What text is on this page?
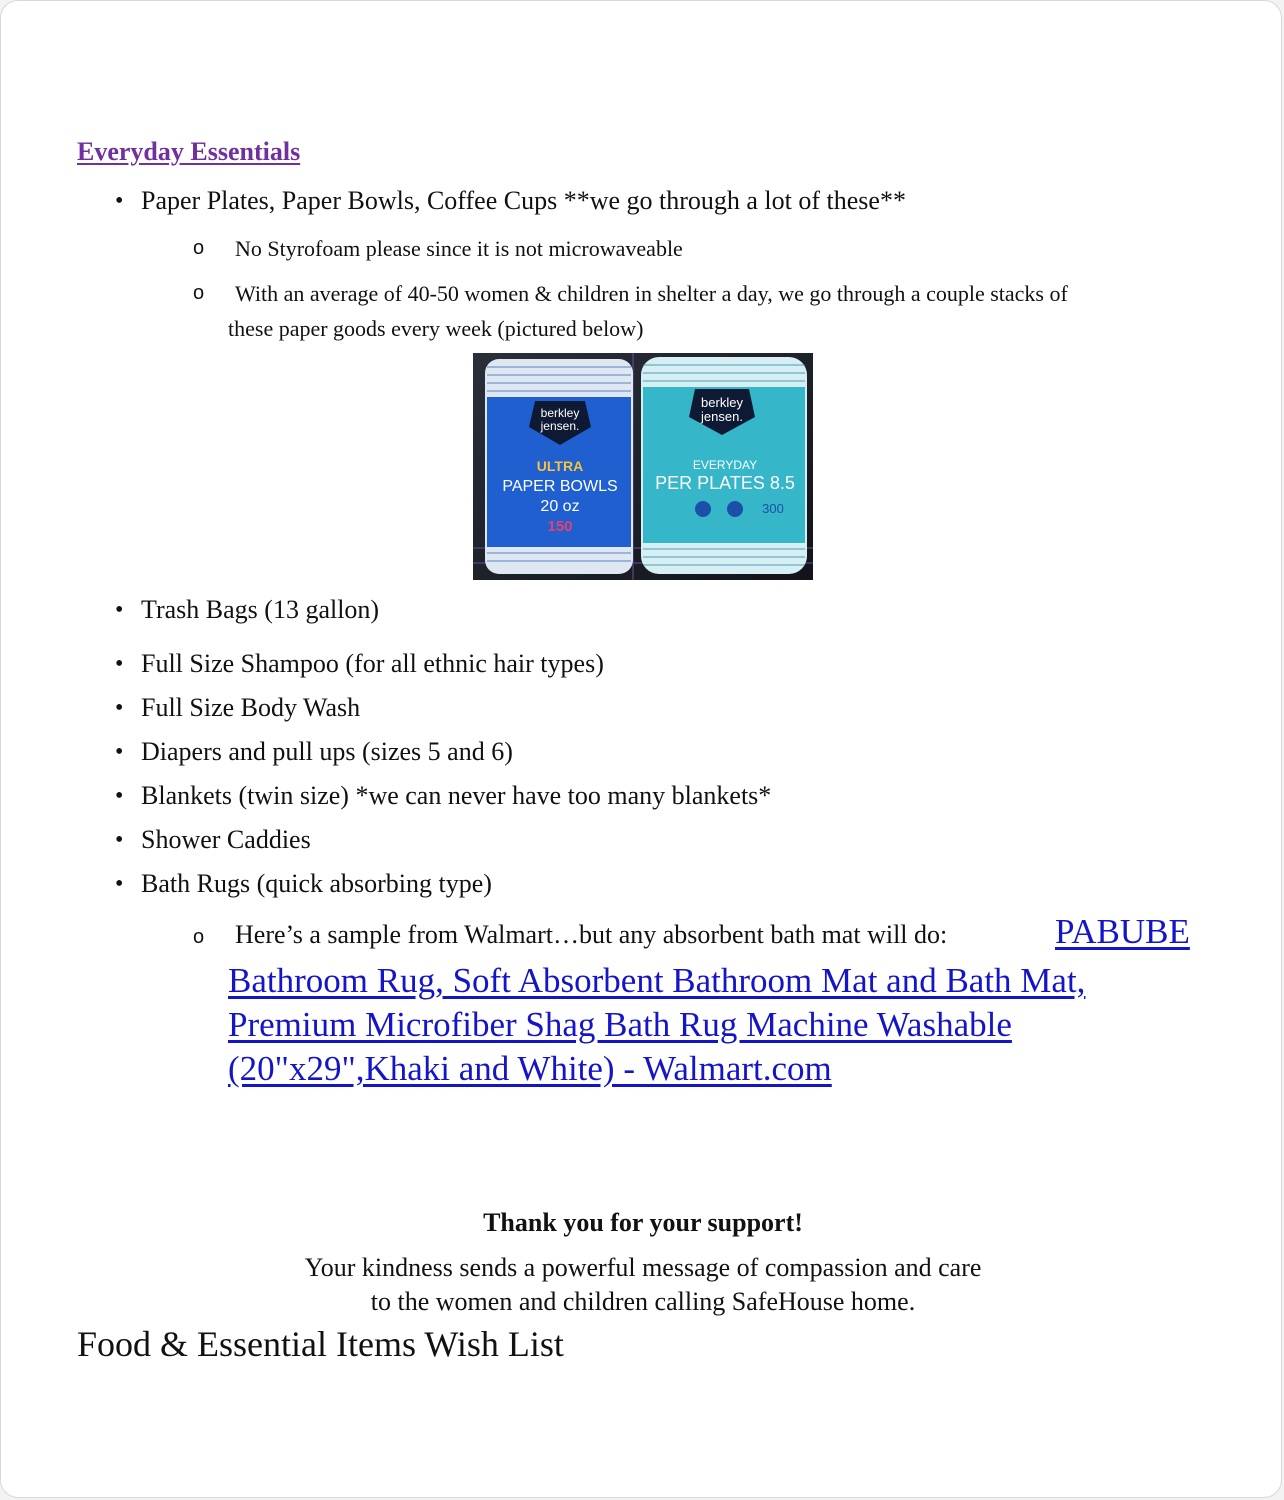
Everyday Essentials
• Paper Plates, Paper Bowls, Coffee Cups **we go through a lot of these**
o No Styrofoam please since it is not microwaveable
o With an average of 40-50 women & children in shelter a day, we go through a couple stacks of
these paper goods every week (pictured below)
berkley
jensen.
ULTRA
PAPER BOWLS
20 oz
150
berkley
jensen.
EVERYDAY
PER PLATES 8.5
300
• Trash Bags (13 gallon)
• Full Size Shampoo (for all ethnic hair types)
• Full Size Body Wash
• Diapers and pull ups (sizes 5 and 6)
• Blankets (twin size) *we can never have too many blankets*
• Shower Caddies
• Bath Rugs (quick absorbing type)
o Here’s a sample from Walmart…but any absorbent bath mat will do:	PABUBE
Bathroom Rug, Soft Absorbent Bathroom Mat and Bath Mat,
Premium Microfiber Shag Bath Rug Machine Washable
(20"x29",Khaki and White) - Walmart.com
Thank you for your support!
Your kindness sends a powerful message of compassion and care
to the women and children calling SafeHouse home.
Food & Essential Items Wish List
